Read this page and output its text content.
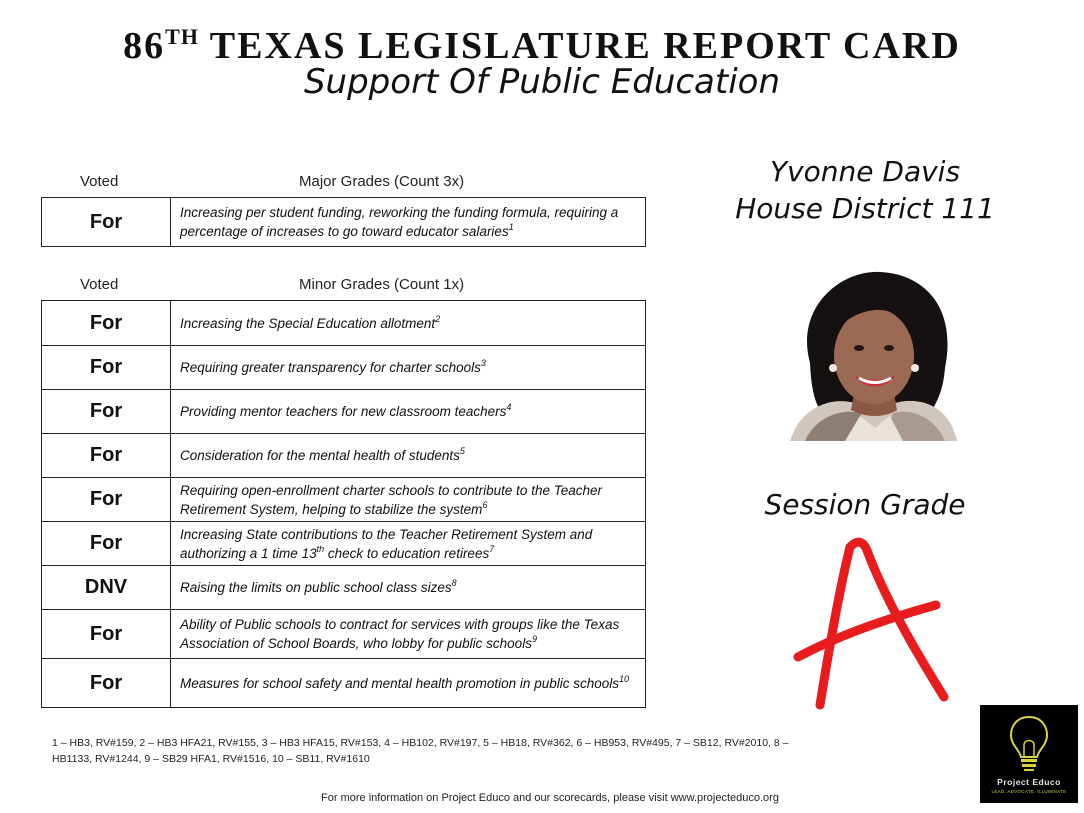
86TH TEXAS LEGISLATURE REPORT CARD
Support Of Public Education
Voted	Major Grades (Count 3x)
For	Increasing per student funding, reworking the funding formula, requiring a percentage of increases to go toward educator salaries$^1$
Voted	Minor Grades (Count 1x)
For	Increasing the Special Education allotment$^2$
For	Requiring greater transparency for charter schools$^3$
For	Providing mentor teachers for new classroom teachers$^4$
For	Consideration for the mental health of students$^5$
For	Requiring open-enrollment charter schools to contribute to the Teacher Retirement System, helping to stabilize the system$^6$
For	Increasing State contributions to the Teacher Retirement System and authorizing a 1 time 13th check to education retirees$^7$
DNV	Raising the limits on public school class sizes$^8$
For	Ability of Public schools to contract for services with groups like the Texas Association of School Boards, who lobby for public schools$^9$
For	Measures for school safety and mental health promotion in public schools$^{10}$
1 – HB3, RV#159, 2 – HB3 HFA21, RV#155, 3 – HB3 HFA15, RV#153, 4 – HB102, RV#197, 5 – HB18, RV#362, 6 – HB953, RV#495, 7 – SB12, RV#2010, 8 – HB1133, RV#1244, 9 – SB29 HFA1, RV#1516, 10 – SB11, RV#1610
For more information on Project Educo and our scorecards, please visit www.projecteduco.org
Yvonne Davis
House District 111
Session Grade
A
Project Educo
LEAD. ADVOCATE. ILLUMINATE
